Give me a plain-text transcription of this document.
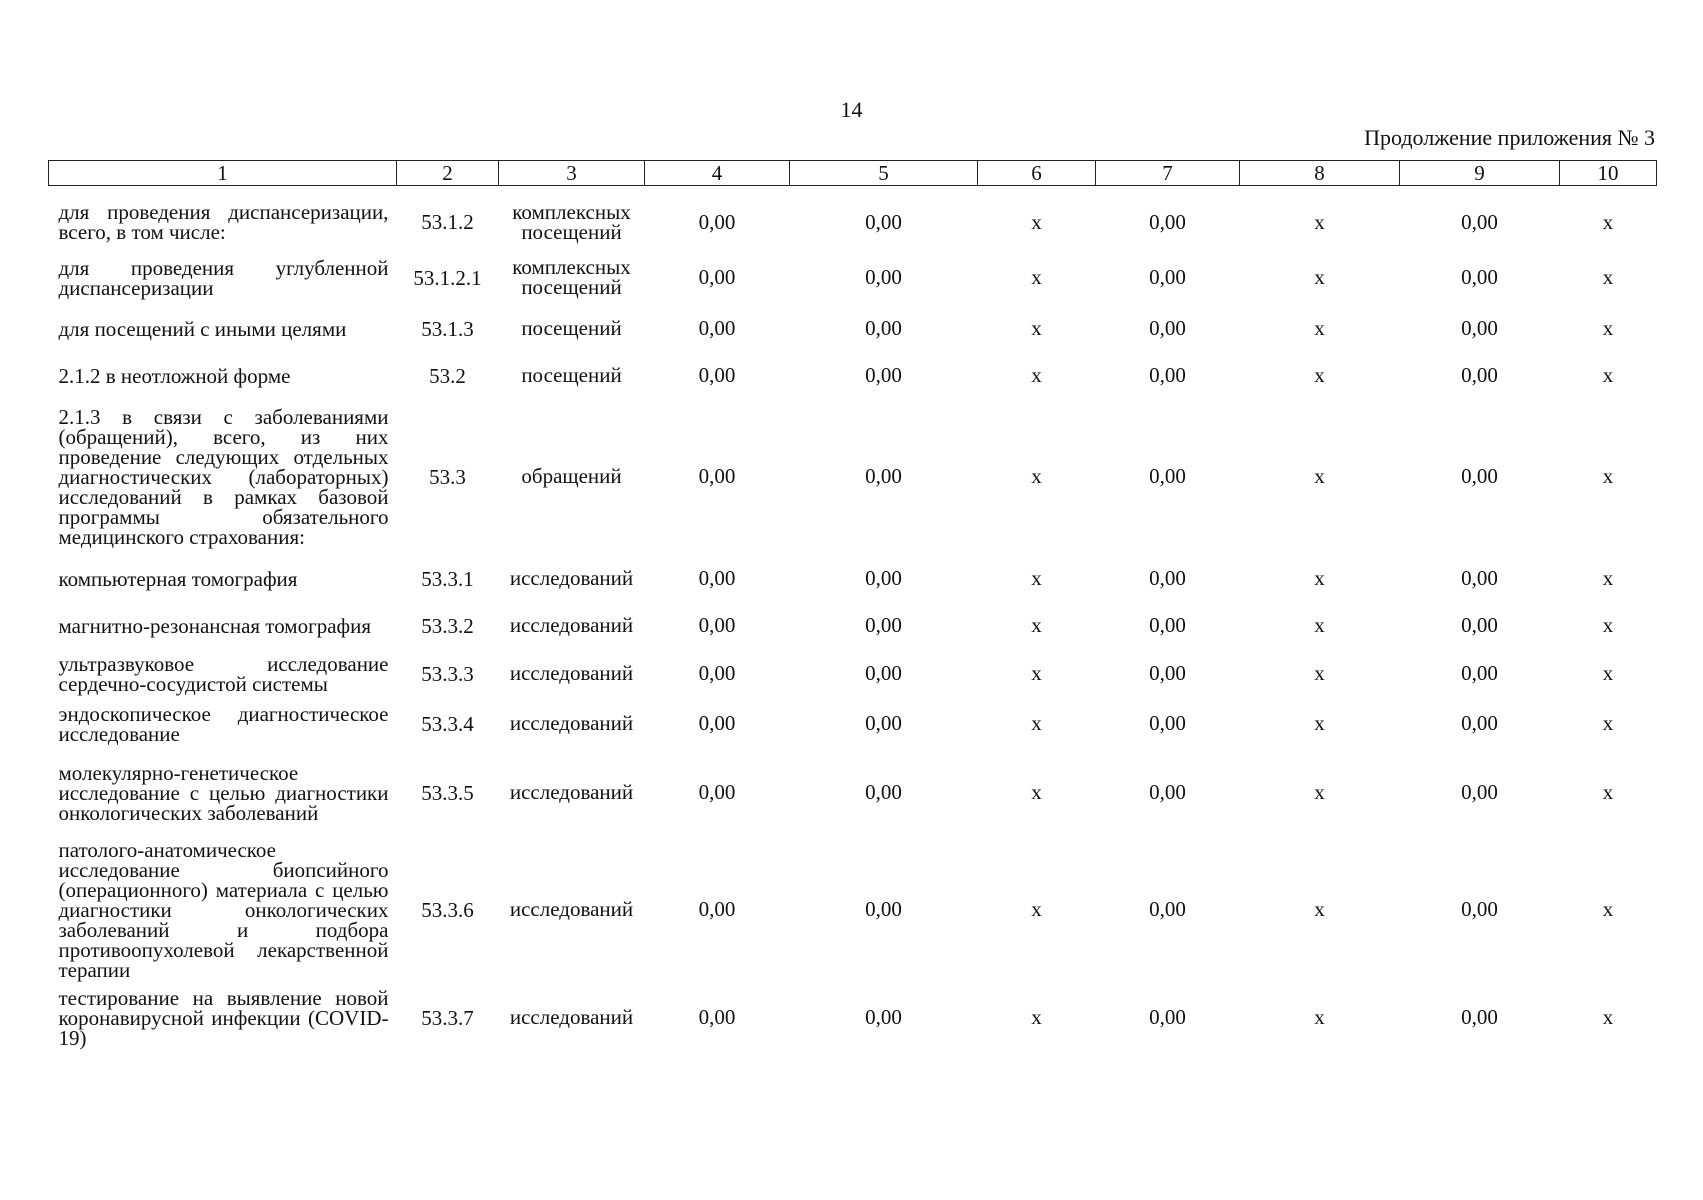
14
Продолжение приложения № 3
1	2	3	4	5	6	7	8	9	10
для проведения диспансеризации, всего, в том числе:	53.1.2	комплексных посещений	0,00	0,00	х	0,00	х	0,00	х
для проведения углубленной диспансеризации	53.1.2.1	комплексных посещений	0,00	0,00	х	0,00	х	0,00	х
для посещений с иными целями	53.1.3	посещений	0,00	0,00	х	0,00	х	0,00	х
2.1.2 в неотложной форме	53.2	посещений	0,00	0,00	х	0,00	х	0,00	х
2.1.3 в связи с заболеваниями (обращений), всего, из них проведение следующих отдельных диагностических (лабораторных) исследований в рамках базовой программы обязательного медицинского страхования:	53.3	обращений	0,00	0,00	х	0,00	х	0,00	х
компьютерная томография	53.3.1	исследований	0,00	0,00	х	0,00	х	0,00	х
магнитно-резонансная томография	53.3.2	исследований	0,00	0,00	х	0,00	х	0,00	х
ультразвуковое исследование сердечно-сосудистой системы	53.3.3	исследований	0,00	0,00	х	0,00	х	0,00	х
эндоскопическое диагностическое исследование	53.3.4	исследований	0,00	0,00	х	0,00	х	0,00	х
молекулярно-генетическое исследование с целью диагностики онкологических заболеваний	53.3.5	исследований	0,00	0,00	х	0,00	х	0,00	х
патолого-анатомическое исследование биопсийного (операционного) материала с целью диагностики онкологических заболеваний и подбора противоопухолевой лекарственной терапии	53.3.6	исследований	0,00	0,00	х	0,00	х	0,00	х
тестирование на выявление новой коронавирусной инфекции (COVID-19)	53.3.7	исследований	0,00	0,00	х	0,00	х	0,00	х
